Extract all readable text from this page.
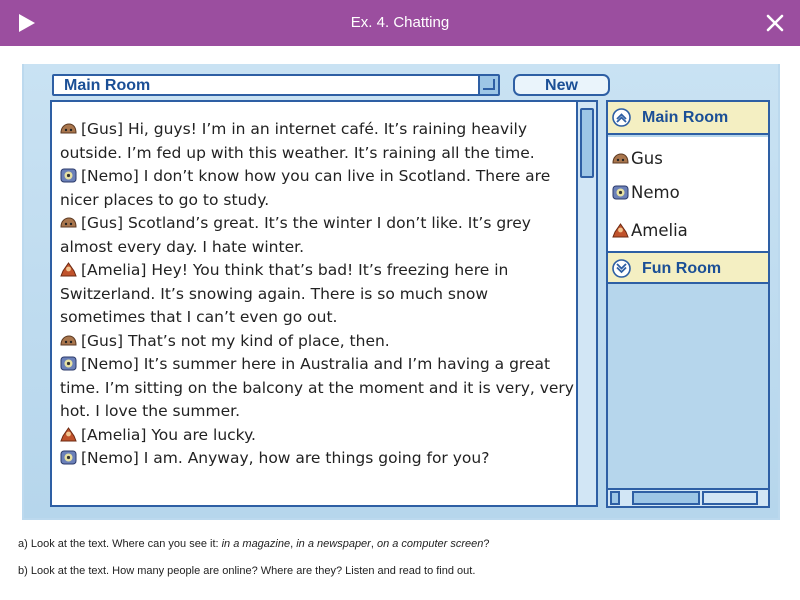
Ex. 4. Chatting
Main Room	New
[Gus] Hi, guys! I’m in an internet café. It’s raining heavily outside. I’m fed up with this weather. It’s raining all the time.
[Nemo] I don’t know how you can live in Scotland. There are nicer places to go to study.
[Gus] Scotland’s great. It’s the winter I don’t like. It’s grey almost every day. I hate winter.
[Amelia] Hey! You think that’s bad! It’s freezing here in Switzerland. It’s snowing again. There is so much snow sometimes that I can’t even go out.
[Gus] That’s not my kind of place, then.
[Nemo] It’s summer here in Australia and I’m having a great time. I’m sitting on the balcony at the moment and it is very, very hot. I love the summer.
[Amelia] You are lucky.
[Nemo] I am. Anyway, how are things going for you?
Main Room
Gus
Nemo
Amelia
Fun Room
a) Look at the text. Where can you see it: in a magazine, in a newspaper, on a computer screen?
b) Look at the text. How many people are online? Where are they? Listen and read to find out.
